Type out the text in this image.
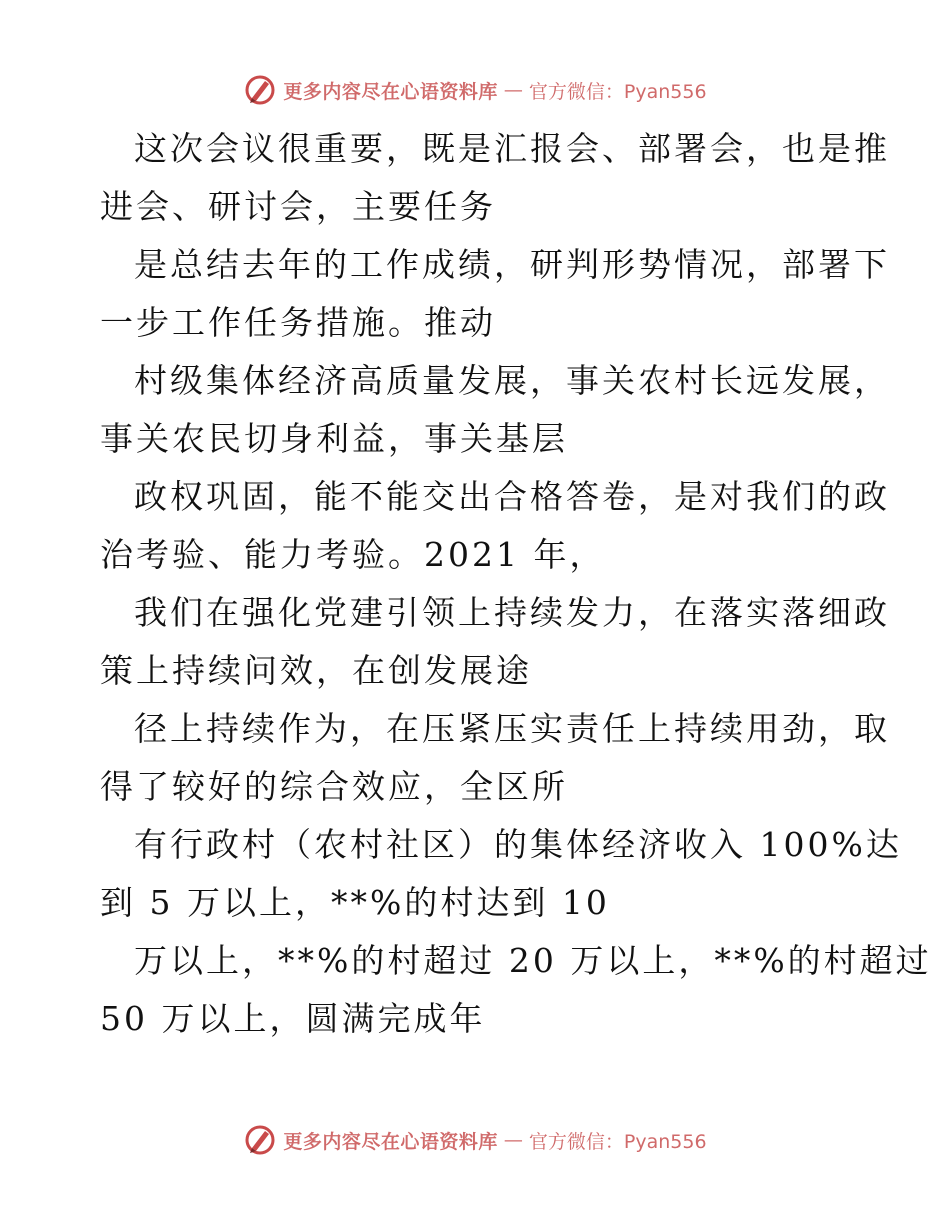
更多内容尽在心语资料库 — 官方微信：Pyan556
这次会议很重要，既是汇报会、部署会，也是推
进会、研讨会，主要任务
是总结去年的工作成绩，研判形势情况，部署下
一步工作任务措施。推动
村级集体经济高质量发展，事关农村长远发展，
事关农民切身利益，事关基层
政权巩固，能不能交出合格答卷，是对我们的政
治考验、能力考验。2021 年，
我们在强化党建引领上持续发力，在落实落细政
策上持续问效，在创发展途
径上持续作为，在压紧压实责任上持续用劲，取
得了较好的综合效应，全区所
有行政村（农村社区）的集体经济收入 100%达
到 5 万以上，**%的村达到 10
万以上，**%的村超过 20 万以上，**%的村超过
50 万以上，圆满完成年
更多内容尽在心语资料库 — 官方微信：Pyan556
